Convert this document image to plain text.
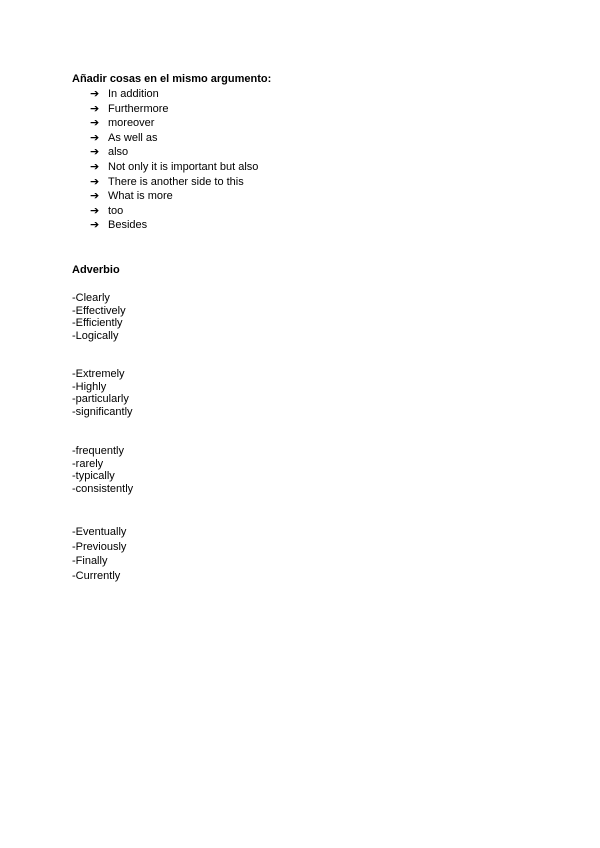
Añadir cosas en el mismo argumento:
➔ In addition
➔ Furthermore
➔ moreover
➔ As well as
➔ also
➔ Not only it is important but also
➔ There is another side to this
➔ What is more
➔ too
➔ Besides
Adverbio
-Clearly
-Effectively
-Efficiently
-Logically
-Extremely
-Highly
-particularly
-significantly
-frequently
-rarely
-typically
-consistently
-Eventually
-Previously
-Finally
-Currently
